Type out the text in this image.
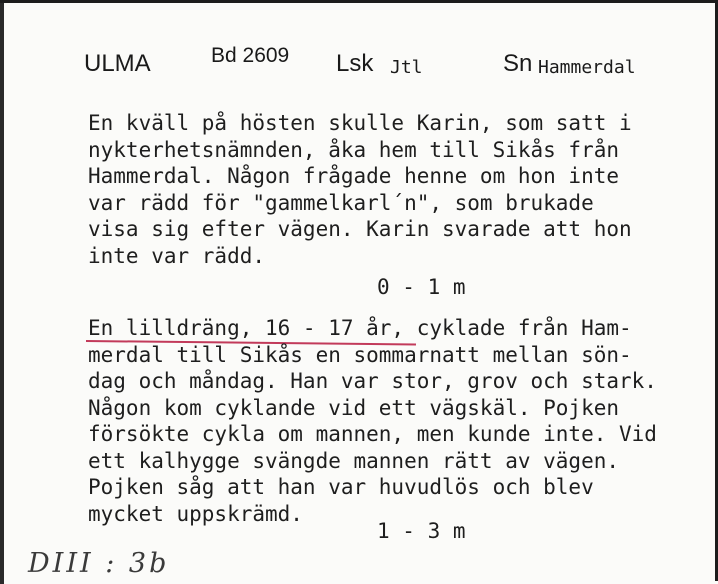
ULMA	Bd 2609 Lsk Jtl	Sn Hammerdal
En kväll på hösten skulle Karin, som satt i
nykterhetsnämnden, åka hem till Sikås från
Hammerdal. Någon frågade henne om hon inte
var rädd för "gammelkarl´n", som brukade
visa sig efter vägen. Karin svarade att hon
inte var rädd.
0 - 1 m
En lilldräng, 16 - 17 år, cyklade från Ham-
merdal till Sikås en sommarnatt mellan sön-
dag och måndag. Han var stor, grov och stark.
Någon kom cyklande vid ett vägskäl. Pojken
försökte cykla om mannen, men kunde inte. Vid
ett kalhygge svängde mannen rätt av vägen.
Pojken såg att han var huvudlös och blev
mycket uppskrämd.
1 - 3 m
DIII : 3b
